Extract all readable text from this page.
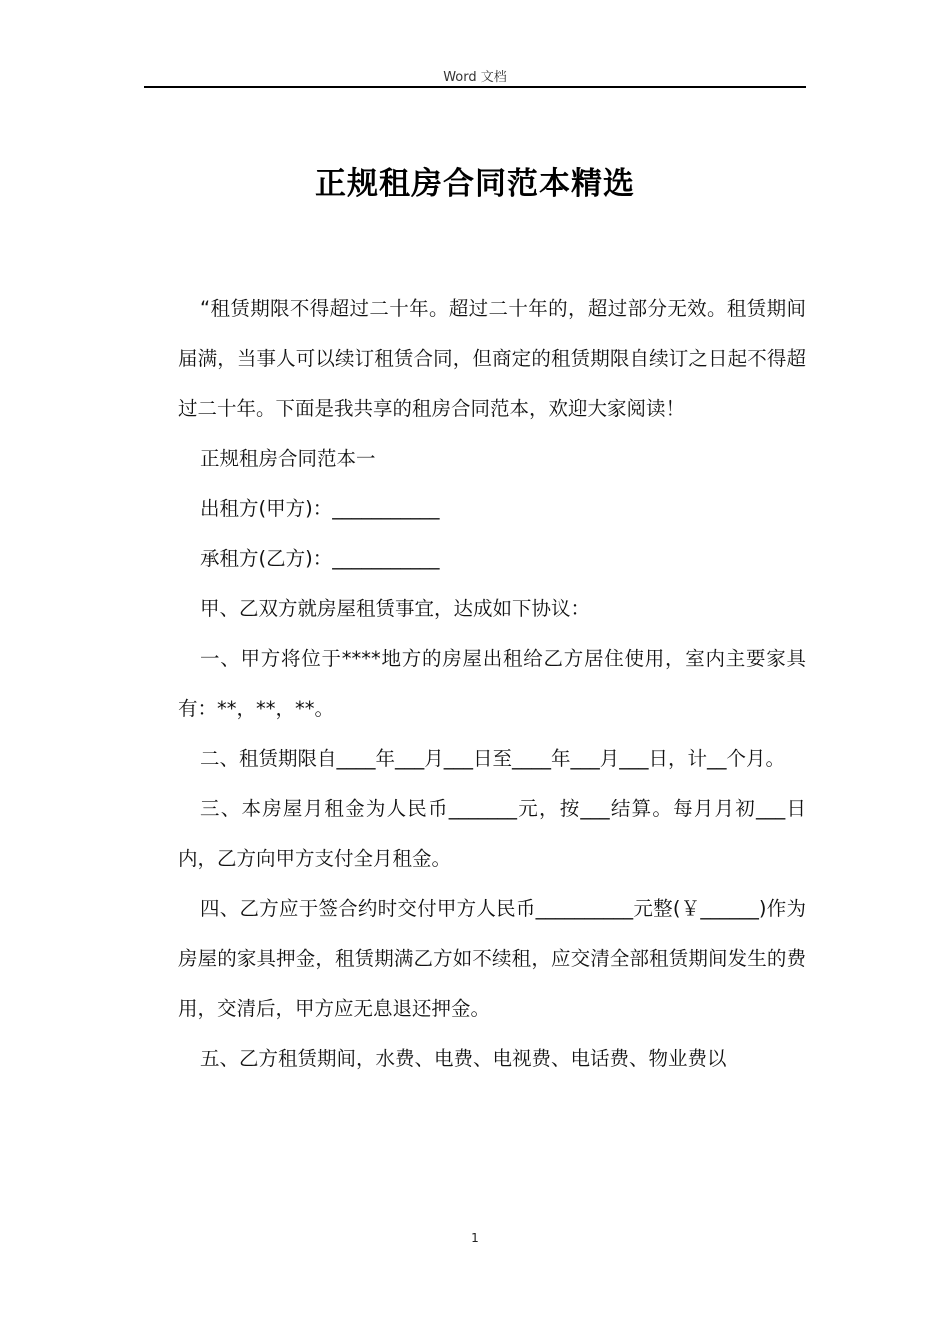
Word 文档
正规租房合同范本精选

“租赁期限不得超过二十年。超过二十年的，超过部分无效。租赁期间届满，当事人可以续订租赁合同，但商定的租赁期限自续订之日起不得超过二十年。下面是我共享的租房合同范本，欢迎大家阅读！

正规租房合同范本一

出租方(甲方)：___________

承租方(乙方)：___________

甲、乙双方就房屋租赁事宜，达成如下协议：

一、甲方将位于****地方的房屋出租给乙方居住使用，室内主要家具有：**，**，**。

二、租赁期限自____年___月___日至____年___月___日，计__个月。

三、本房屋月租金为人民币_______元，按___结算。每月月初___日内，乙方向甲方支付全月租金。

四、乙方应于签合约时交付甲方人民币__________元整(￥______)作为房屋的家具押金，租赁期满乙方如不续租，应交清全部租赁期间发生的费用，交清后，甲方应无息退还押金。

五、乙方租赁期间，水费、电费、电视费、电话费、物业费以

1
